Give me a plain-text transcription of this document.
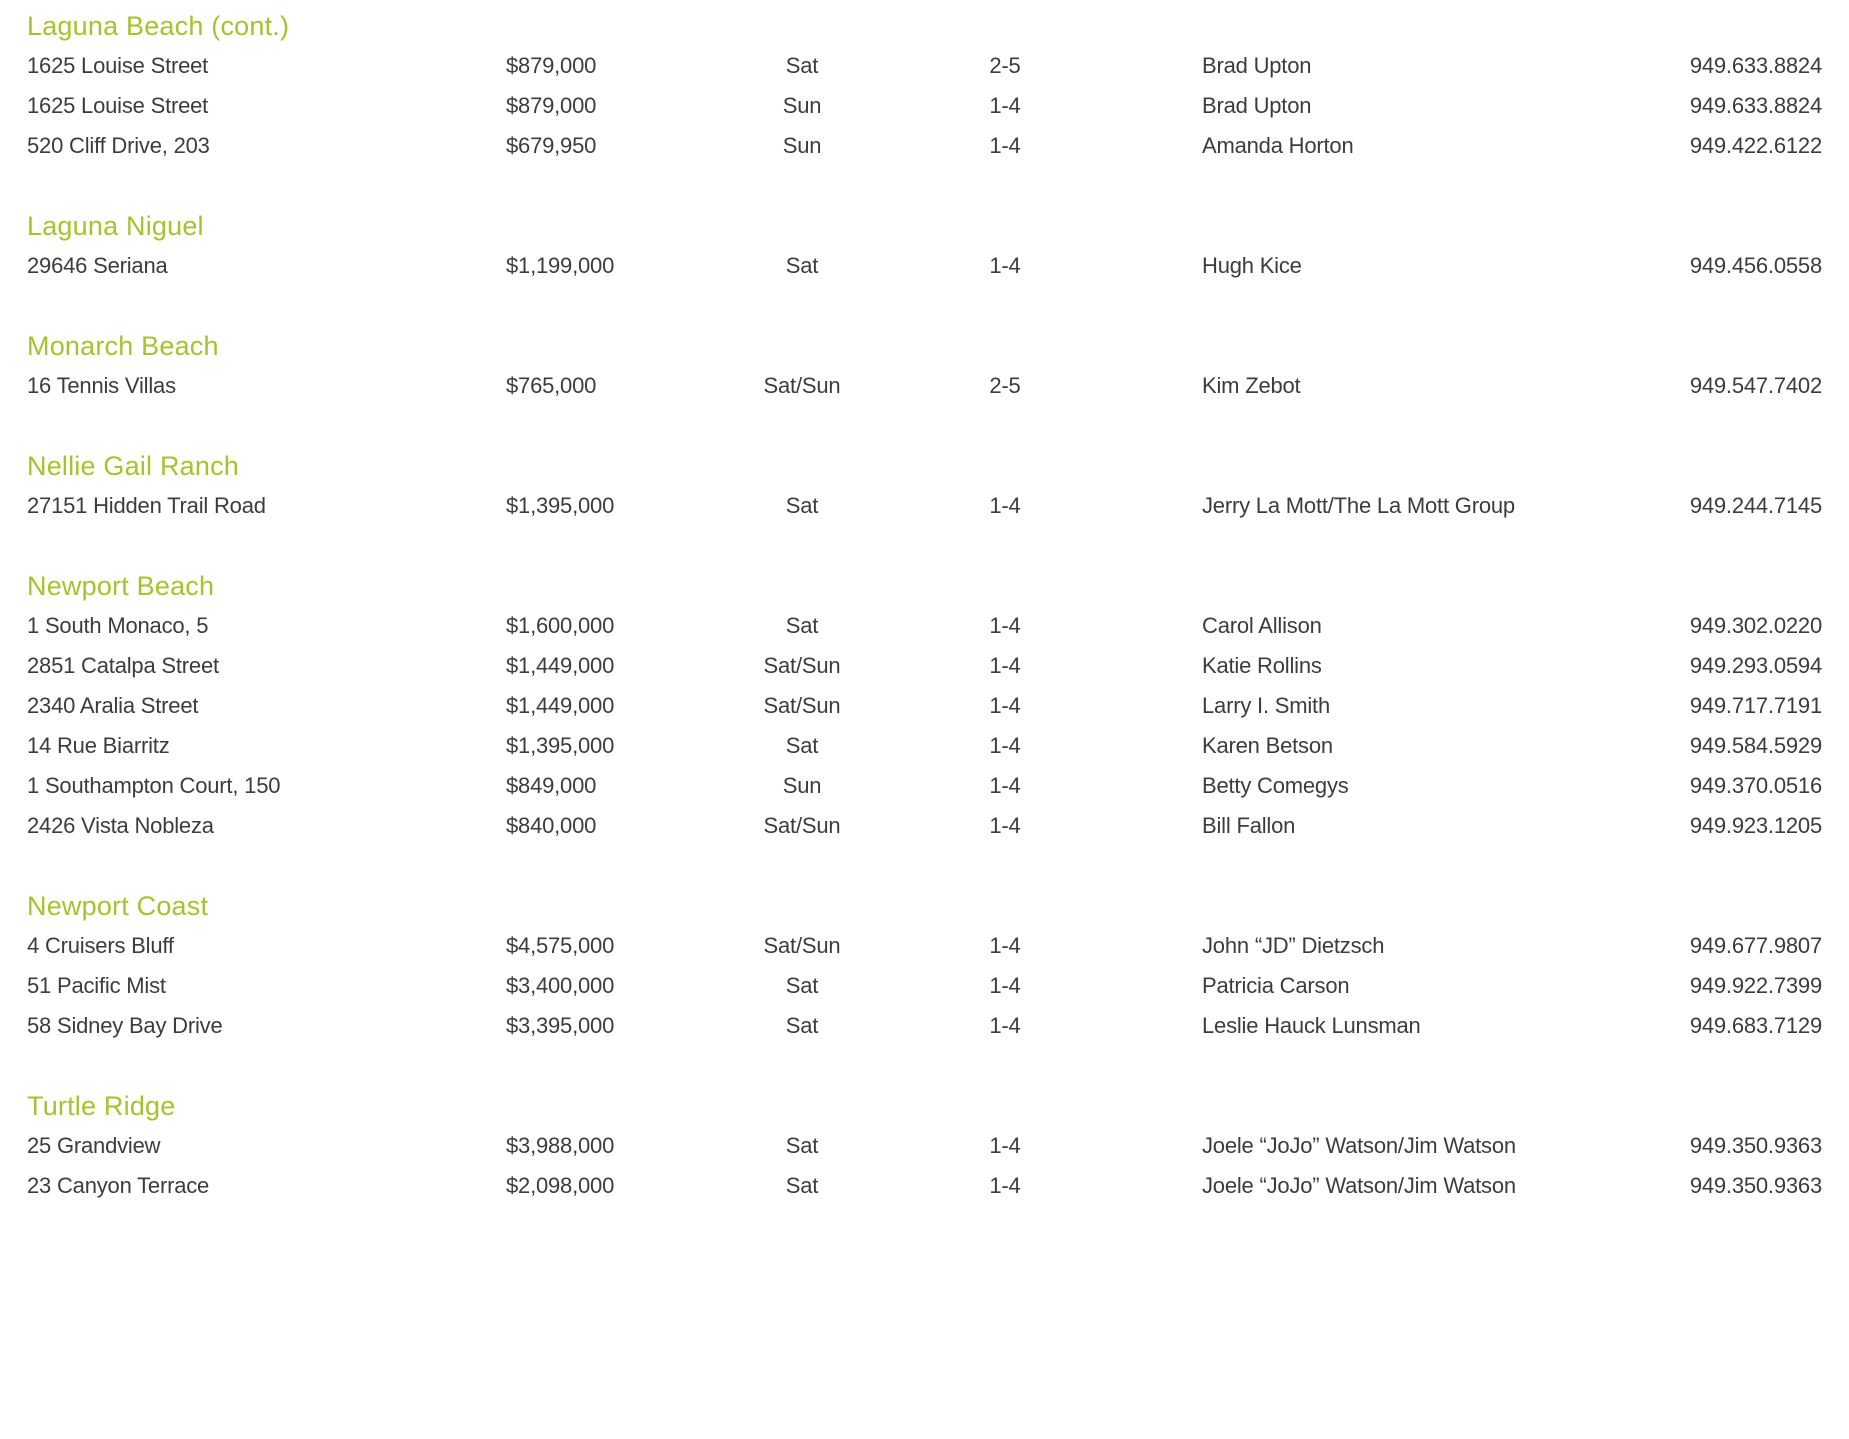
Laguna Beach (cont.)
1625 Louise Street	$879,000	Sat	2-5	Brad Upton	949.633.8824
1625 Louise Street	$879,000	Sun	1-4	Brad Upton	949.633.8824
520 Cliff Drive, 203	$679,950	Sun	1-4	Amanda Horton	949.422.6122
Laguna Niguel
29646 Seriana	$1,199,000	Sat	1-4	Hugh Kice	949.456.0558
Monarch Beach
16 Tennis Villas	$765,000	Sat/Sun	2-5	Kim Zebot	949.547.7402
Nellie Gail Ranch
27151 Hidden Trail Road	$1,395,000	Sat	1-4	Jerry La Mott/The La Mott Group	949.244.7145
Newport Beach
1 South Monaco, 5	$1,600,000	Sat	1-4	Carol Allison	949.302.0220
2851 Catalpa Street	$1,449,000	Sat/Sun	1-4	Katie Rollins	949.293.0594
2340 Aralia Street	$1,449,000	Sat/Sun	1-4	Larry I. Smith	949.717.7191
14 Rue Biarritz	$1,395,000	Sat	1-4	Karen Betson	949.584.5929
1 Southampton Court, 150	$849,000	Sun	1-4	Betty Comegys	949.370.0516
2426 Vista Nobleza	$840,000	Sat/Sun	1-4	Bill Fallon	949.923.1205
Newport Coast
4 Cruisers Bluff	$4,575,000	Sat/Sun	1-4	John “JD” Dietzsch	949.677.9807
51 Pacific Mist	$3,400,000	Sat	1-4	Patricia Carson	949.922.7399
58 Sidney Bay Drive	$3,395,000	Sat	1-4	Leslie Hauck Lunsman	949.683.7129
Turtle Ridge
25 Grandview	$3,988,000	Sat	1-4	Joele “JoJo” Watson/Jim Watson	949.350.9363
23 Canyon Terrace	$2,098,000	Sat	1-4	Joele “JoJo” Watson/Jim Watson	949.350.9363
